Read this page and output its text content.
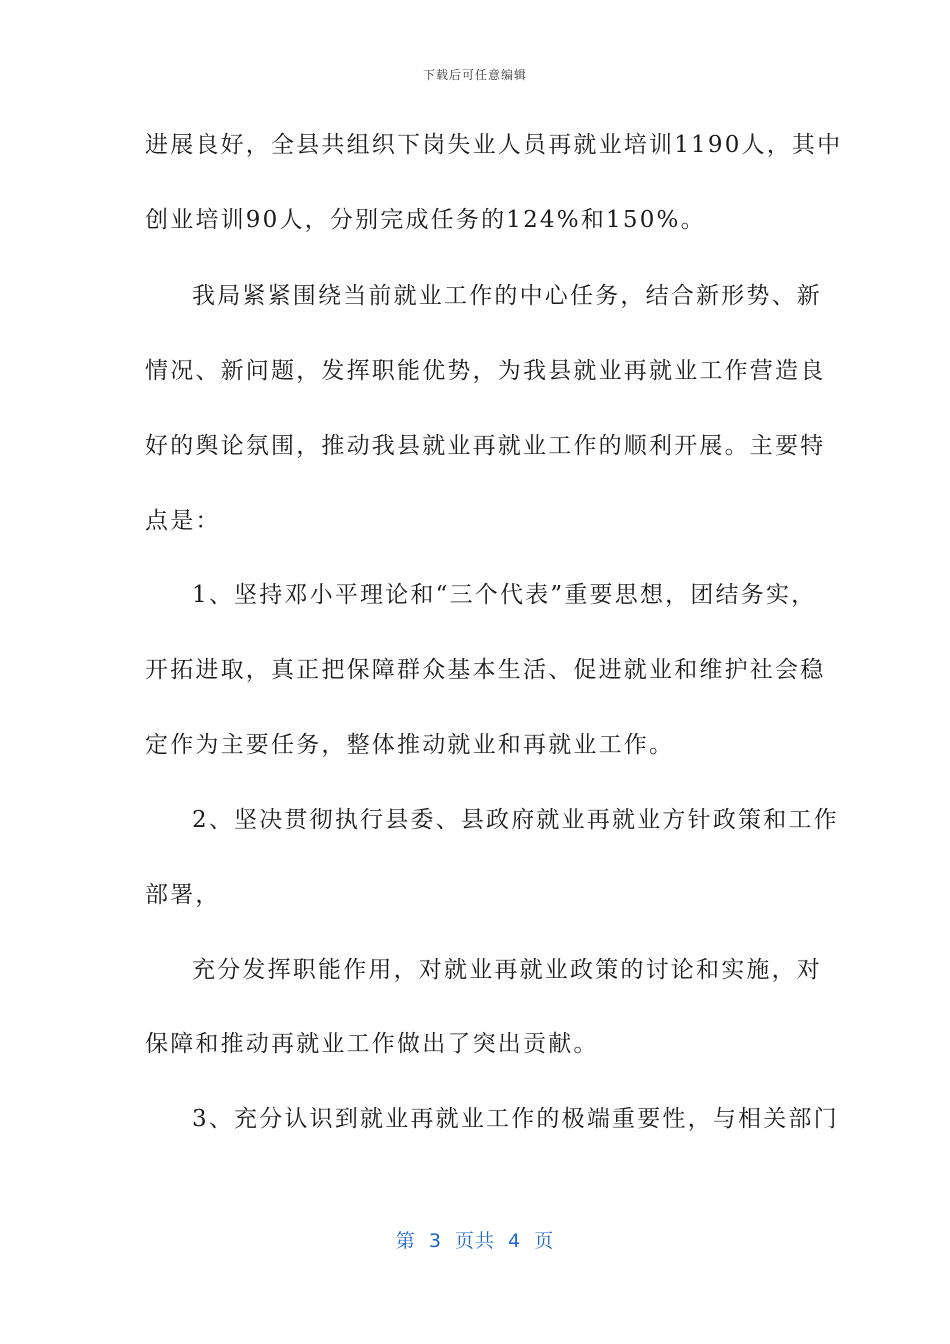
下载后可任意编辑
进展良好，全县共组织下岗失业人员再就业培训1190人，其中
创业培训90人，分别完成任务的124%和150%。
我局紧紧围绕当前就业工作的中心任务，结合新形势、新
情况、新问题，发挥职能优势，为我县就业再就业工作营造良
好的舆论氛围，推动我县就业再就业工作的顺利开展。主要特
点是：
1、坚持邓小平理论和“三个代表”重要思想，团结务实，
开拓进取，真正把保障群众基本生活、促进就业和维护社会稳
定作为主要任务，整体推动就业和再就业工作。
2、坚决贯彻执行县委、县政府就业再就业方针政策和工作
部署，
充分发挥职能作用，对就业再就业政策的讨论和实施，对
保障和推动再就业工作做出了突出贡献。
3、充分认识到就业再就业工作的极端重要性，与相关部门
第 3 页共 4 页
